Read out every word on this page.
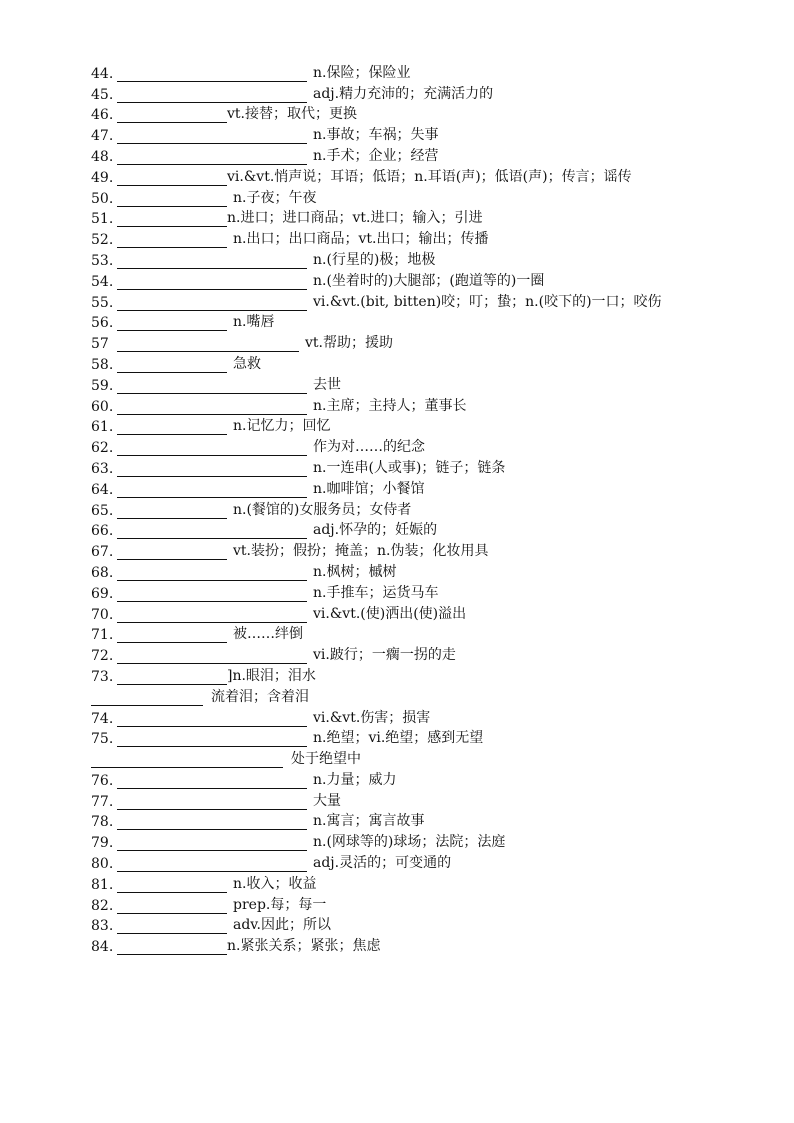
44.	n.保险；保险业
45.	adj.精力充沛的；充满活力的
46.	vt.接替；取代；更换
47.	n.事故；车祸；失事
48.	n.手术；企业；经营
49.	vi.&vt.悄声说；耳语；低语；n.耳语(声)；低语(声)；传言；谣传
50.	n.子夜；午夜
51.	n.进口；进口商品；vt.进口；输入；引进
52.	n.出口；出口商品；vt.出口；输出；传播
53.	n.(行星的)极；地极
54.	n.(坐着时的)大腿部；(跑道等的)一圈
55.	vi.&vt.(bit, bitten)咬；叮；蛰；n.(咬下的)一口；咬伤
56.	n.嘴唇
57	vt.帮助；援助
58.	急救
59.	去世
60.	n.主席；主持人；董事长
61.	n.记忆力；回忆
62.	作为对……的纪念
63.	n.一连串(人或事)；链子；链条
64.	n.咖啡馆；小餐馆
65.	n.(餐馆的)女服务员；女侍者
66.	adj.怀孕的；妊娠的
67.	vt.装扮；假扮；掩盖；n.伪装；化妆用具
68.	n.枫树；槭树
69.	n.手推车；运货马车
70.	vi.&vt.(使)洒出(使)溢出
71.	被……绊倒
72.	vi.跛行；一瘸一拐的走
73.	]n.眼泪；泪水
流着泪；含着泪
74.	vi.&vt.伤害；损害
75.	n.绝望；vi.绝望；感到无望
处于绝望中
76.	n.力量；威力
77.	大量
78.	n.寓言；寓言故事
79.	n.(网球等的)球场；法院；法庭
80.	adj.灵活的；可变通的
81.	n.收入；收益
82.	prep.每；每一
83.	adv.因此；所以
84.	n.紧张关系；紧张；焦虑
